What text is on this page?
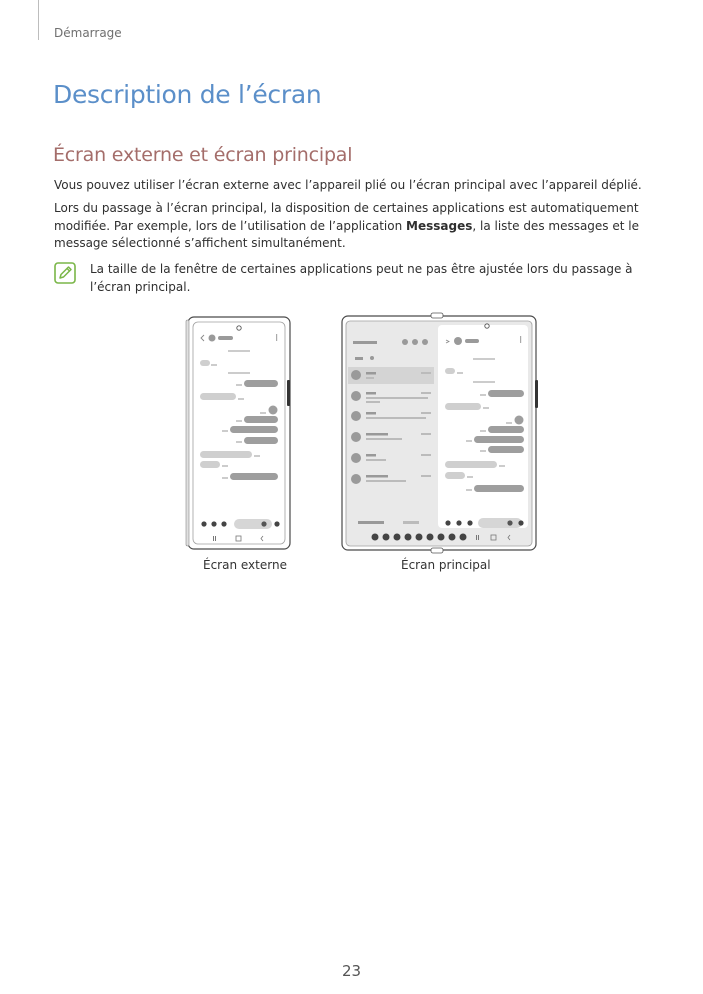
Démarrage
Description de l’écran
Écran externe et écran principal

Vous pouvez utiliser l’écran externe avec l’appareil plié ou l’écran principal avec l’appareil déplié.

Lors du passage à l’écran principal, la disposition de certaines applications est automatiquement modifiée. Par exemple, lors de l’utilisation de l’application Messages, la liste des messages et le message sélectionné s’affichent simultanément.

La taille de la fenêtre de certaines applications peut ne pas être ajustée lors du passage à l’écran principal.

Écran externe	Écran principal
23
